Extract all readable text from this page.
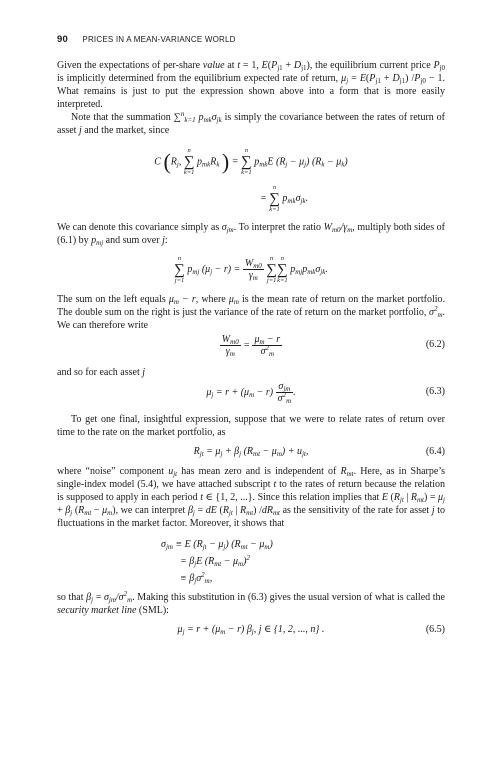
90 PRICES IN A MEAN-VARIANCE WORLD

Given the expectations of per-share value at t = 1, $E(P_{j1} + D_{j1})$, the equilibrium current price $P_{j0}$ is implicitly determined from the equilibrium expected rate of return, $\mu_j = E(P_{j1} + D_{j1}) /P_{j0} - 1$. What remains is just to put the expression shown above into a form that is more easily interpreted.

Note that the summation ∑$^n_{k=1}$ $p_{mk}\sigma_{jk}$ is simply the covariance between the rates of return of asset j and the market, since

C ($R_j$,
n
∑
k=1
$p_{mk}R_k$ ) =
n
∑
k=1
$p_{mk}E$ $(R_j - \mu_j) (R_k - \mu_k)$
=
n
∑
k=1
$p_{mk}\sigma_{jk}$.

We can denote this covariance simply as $\sigma_{jm}$. To interpret the ratio $W_{m0}/\gamma_m$, multiply both sides of (6.1) by $p_{mj}$ and sum over j:

n
∑
j=1
$p_{mj}$ $(\mu_j - r) = \frac{W_{m0}}{\gamma_m}$
n
∑
j=1
n
∑
k=1
$p_{mj}p_{mk}\sigma_{jk}$.

The sum on the left equals $\mu_m - r$, where $\mu_m$ is the mean rate of return on the market portfolio. The double sum on the right is just the variance of the rate of return on the market portfolio, $\sigma^2_m$. We can therefore write

$\frac{W_{m0}}{\gamma_m} = \frac{\mu_m - r}{\sigma^2_m}$	(6.2)

and so for each asset j

$\mu_j = r + (\mu_m - r) \frac{\sigma_{jm}}{\sigma^2_m}$ .	(6.3)

To get one final, insightful expression, suppose that we were to relate rates of return over time to the rate on the market portfolio, as

$R_{jt} = \mu_j + \beta_j$ $(R_{mt} - \mu_m) + u_{jt}$,	(6.4)

where “noise” component $u_{jt}$ has mean zero and is independent of $R_{mt}$. Here, as in Sharpe’s single-index model (5.4), we have attached subscript t to the rates of return because the relation is supposed to apply in each period t ∈ {1, 2, ...}. Since this relation implies that E ($R_{jt}$ | $R_{mt}) = \mu_j + \beta_j$ $(R_{mt} - \mu_m)$, we can interpret $\beta_j$ = dE ($R_{jt}$ | $R_{mt}$) $/dR_{mt}$ as the sensitivity of the rate for asset j to fluctuations in the market factor. Moreover, it shows that

$\sigma_{jm} \equiv E$ $(R_{jt} - \mu_j) (R_{mt} - \mu_m)$
= $\beta_jE$ $(R_{mt} - \mu_m)^2$
≡ $\beta_j\sigma^2_m$,

so that $\beta_j = \sigma_{jm}/\sigma^2_m$. Making this substitution in (6.3) gives the usual version of what is called the security market line (SML):

$\mu_j = r + (\mu_m - r)$ $\beta_j$, j ∈ {1, 2, ..., n} .	(6.5)
